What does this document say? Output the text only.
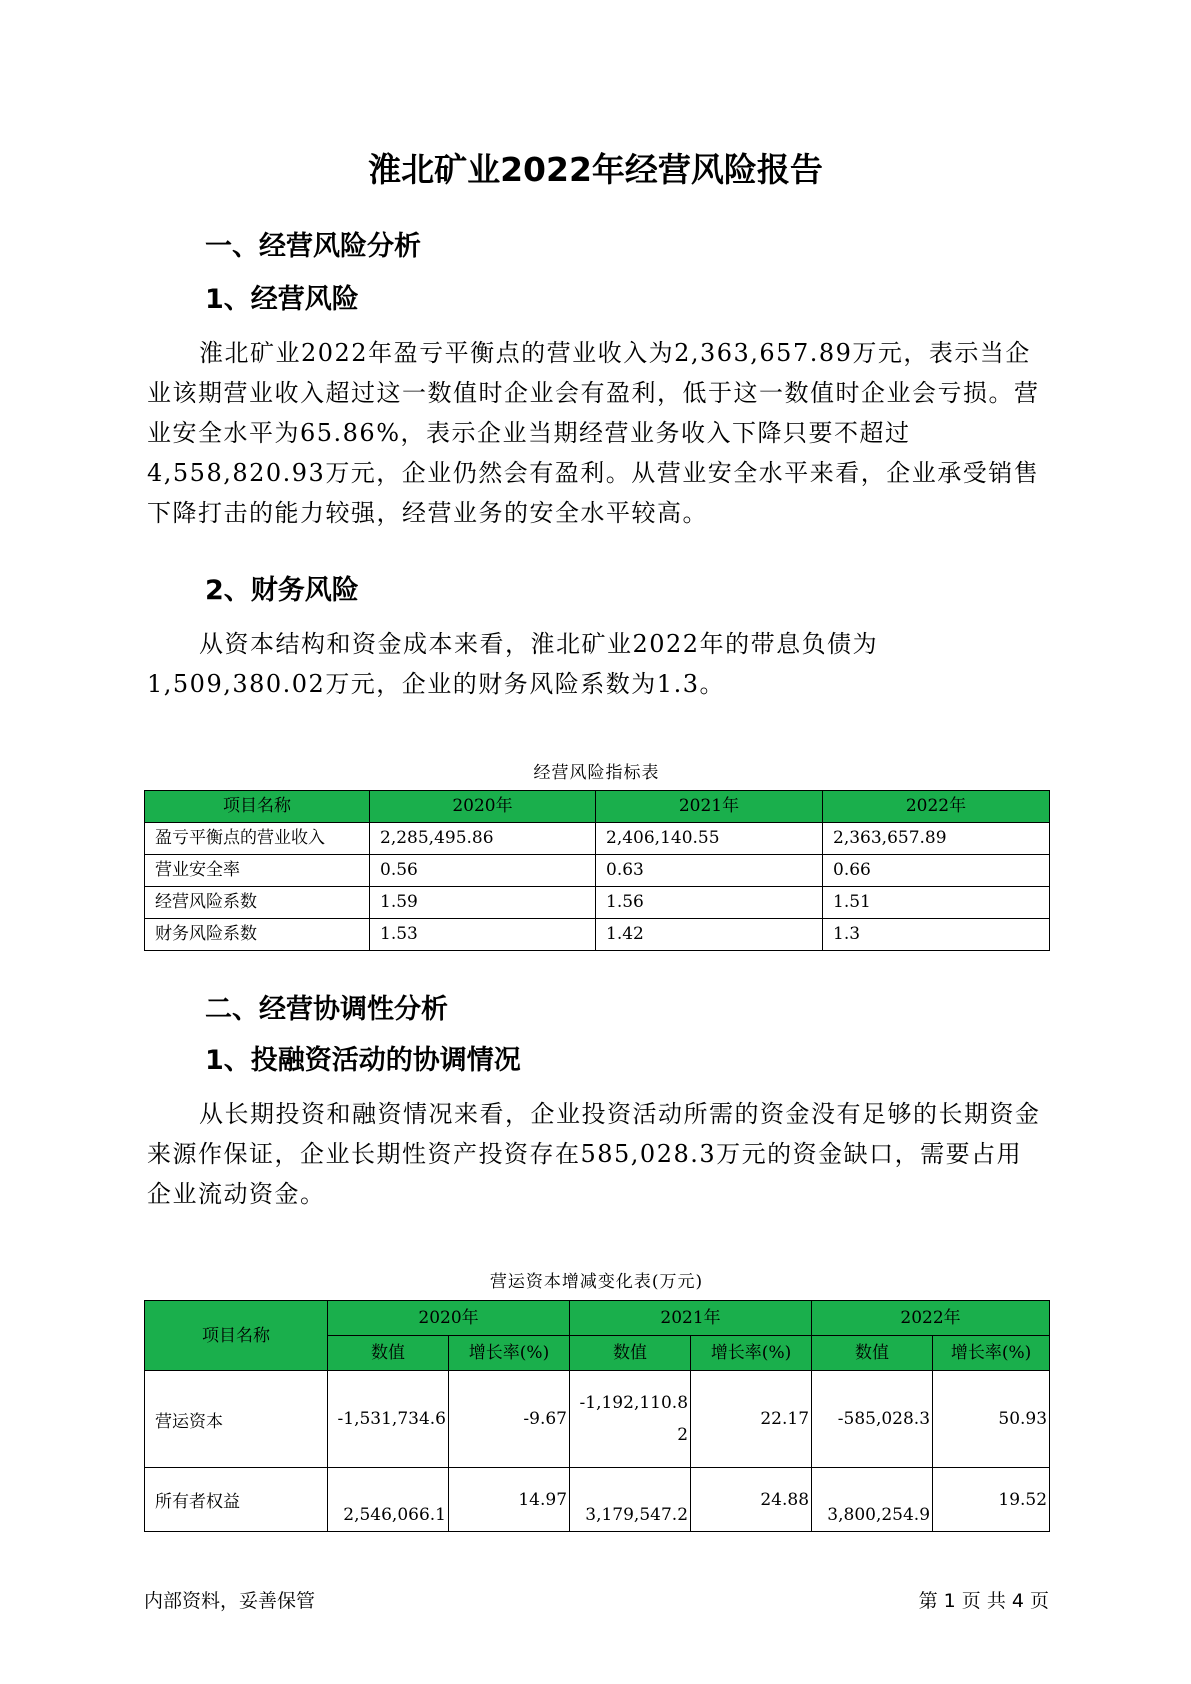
淮北矿业2022年经营风险报告
一、经营风险分析
1、经营风险

淮北矿业2022年盈亏平衡点的营业收入为2,363,657.89万元，表示当企业该期营业收入超过这一数值时企业会有盈利，低于这一数值时企业会亏损。营业安全水平为65.86%，表示企业当期经营业务收入下降只要不超过4,558,820.93万元，企业仍然会有盈利。从营业安全水平来看，企业承受销售下降打击的能力较强，经营业务的安全水平较高。

2、财务风险

从资本结构和资金成本来看，淮北矿业2022年的带息负债为1,509,380.02万元，企业的财务风险系数为1.3。

经营风险指标表
项目名称	2020年	2021年	2022年
盈亏平衡点的营业收入	2,285,495.86	2,406,140.55	2,363,657.89
营业安全率	0.56	0.63	0.66
经营风险系数	1.59	1.56	1.51
财务风险系数	1.53	1.42	1.3
二、经营协调性分析
1、投融资活动的协调情况

从长期投资和融资情况来看，企业投资活动所需的资金没有足够的长期资金来源作保证，企业长期性资产投资存在585,028.3万元的资金缺口，需要占用企业流动资金。

营运资本增减变化表(万元)
项目名称	2020年		2021年		2022年	
	数值	增长率(%)	数值	增长率(%)	数值	增长率(%)
营运资本	-1,531,734.6	-9.67	-1,192,110.82	22.17	-585,028.3	50.93
所有者权益	2,546,066.1	14.97	3,179,547.2	24.88	3,800,254.9	19.52
内部资料，妥善保管	第 1 页 共 4 页
